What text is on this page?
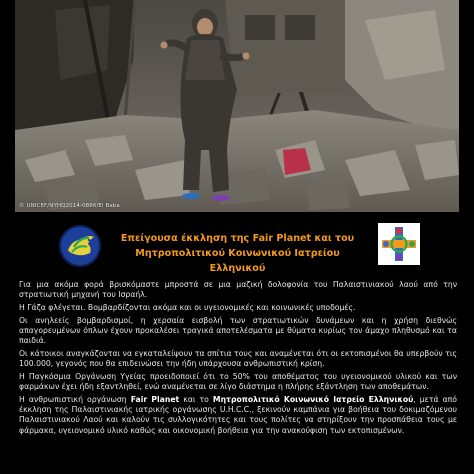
© UNICEF/NYHQ2014-0866/El Baba
Επείγουσα έκκληση της Fair Planet και του
Μητροπολιτικού Κοινωνικού Ιατρείου Ελληνικού

Για μια ακόμα φορά βρισκόμαστε μπροστά σε μια μαζική δολοφονία του Παλαιστινιακού λαού από την στρατιωτική μηχανή του Ισραήλ.

Η Γάζα φλέγεται. Βομβαρδίζονται ακόμα και οι υγειονομικές και κοινωνικές υποδομές.

Οι ανηλεείς βομβαρδισμοί, η χερσαία εισβολή των στρατιωτικών δυνάμεων και η χρήση διεθνώς απαγορευμένων όπλων έχουν προκαλέσει τραγικά αποτελέσματα με θύματα κυρίως τον άμαχο πληθυσμό και τα παιδιά.

Οι κάτοικοι αναγκάζονται να εγκαταλείψουν τα σπίτια τους και αναμένεται ότι οι εκτοπισμένοι θα υπερβούν τις 100.000, γεγονός που θα επιδεινώσει την ήδη υπάρχουσα ανθρωπιστική κρίση.

Η Παγκόσμια Οργάνωση Υγείας προειδοποιεί ότι το 50% του αποθέματος του υγειονομικού υλικού και των φαρμάκων έχει ήδη εξαντληθεί, ενώ αναμένεται σε λίγο διάστημα η πλήρης εξάντληση των αποθεμάτων.

Η ανθρωπιστική οργάνωση Fair Planet και το Μητροπολιτικό Κοινωνικό Ιατρείο Ελληνικού, μετά από έκκληση της Παλαιστινιακής ιατρικής οργάνωσης U.H.C.C., ξεκινούν καμπάνια για βοήθεια του δοκιμαζόμενου Παλαιστινιακού Λαού και καλούν τις συλλογικότητες και τους πολίτες να στηρίξουν την προσπάθεια τους με φάρμακα, υγειονομικό υλικό καθώς και οικονομική βοήθεια για την ανακούφιση των εκτοπισμένων.
